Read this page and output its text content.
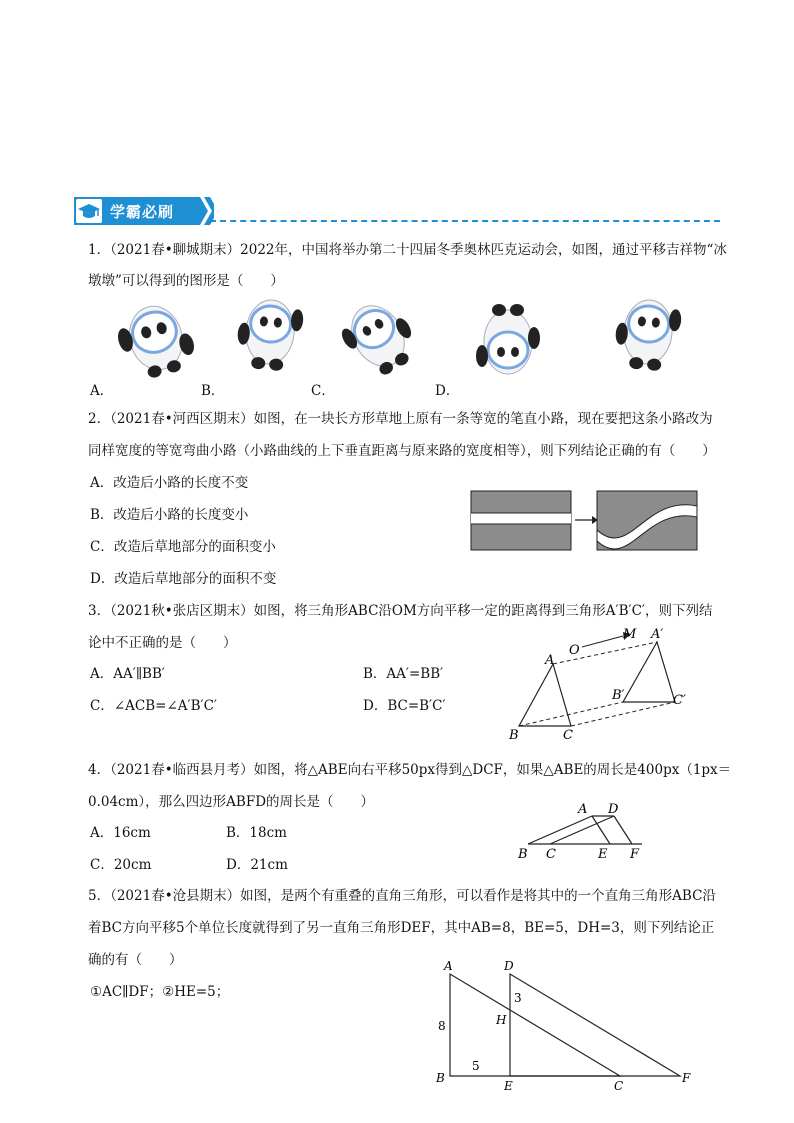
学霸必刷
1．（2021春•聊城期末）2022年，中国将举办第二十四届冬季奥林匹克运动会，如图，通过平移吉祥物“冰
墩墩”可以得到的图形是（　　）
A．	B．	C．	D．
2．（2021春•河西区期末）如图，在一块长方形草地上原有一条等宽的笔直小路，现在要把这条小路改为
同样宽度的等宽弯曲小路（小路曲线的上下垂直距离与原来路的宽度相等），则下列结论正确的有（　　）
A．改造后小路的长度不变
B．改造后小路的长度变小
C．改造后草地部分的面积变小
D．改造后草地部分的面积不变
3．（2021秋•张店区期末）如图，将三角形ABC沿OM方向平移一定的距离得到三角形A′B′C′，则下列结
论中不正确的是（　　）
A．AA′∥BB′	B．AA′=BB′
C．∠ACB=∠A′B′C′	D．BC=B′C′
O
M
A
A′
B	C
B′	C′
4．（2021春•临西县月考）如图，将△ABE向右平移50px得到△DCF，如果△ABE的周长是400px（1px＝
0.04cm），那么四边形ABFD的周长是（　　）
A．16cm	B．18cm
C．20cm	D．21cm
A D
B C	E F
5．（2021春•沧县期末）如图，是两个有重叠的直角三角形，可以看作是将其中的一个直角三角形ABC沿
着BC方向平移5个单位长度就得到了另一直角三角形DEF，其中AB=8，BE=5，DH=3，则下列结论正
确的有（　　）
①AC∥DF；②HE=5；
A	D
H
B
E	C
F
8
5
3
